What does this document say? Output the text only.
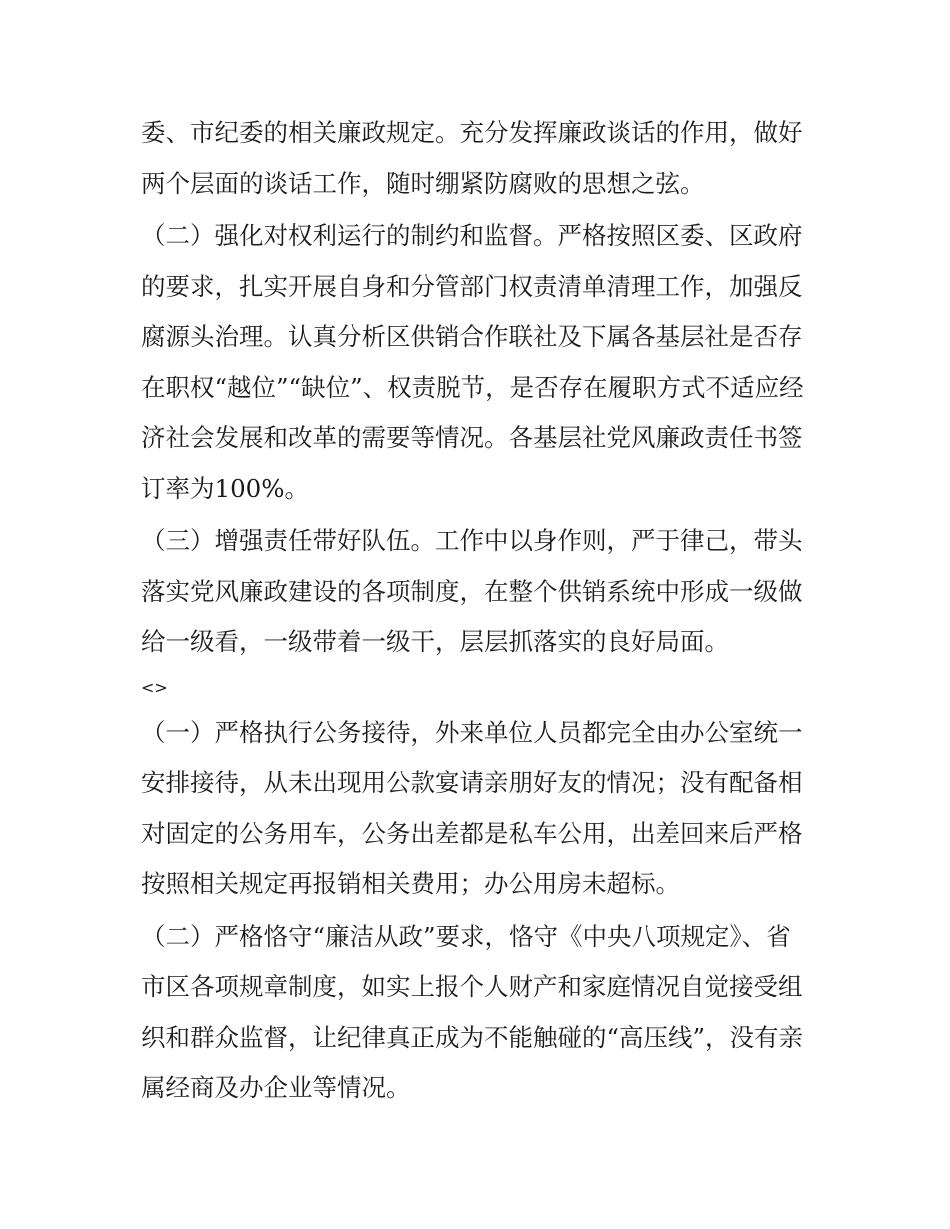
委、市纪委的相关廉政规定。充分发挥廉政谈话的作用，做好
两个层面的谈话工作，随时绷紧防腐败的思想之弦。
（二）强化对权利运行的制约和监督。严格按照区委、区政府
的要求，扎实开展自身和分管部门权责清单清理工作，加强反
腐源头治理。认真分析区供销合作联社及下属各基层社是否存
在职权“越位”“缺位”、权责脱节，是否存在履职方式不适应经
济社会发展和改革的需要等情况。各基层社党风廉政责任书签
订率为100%。
（三）增强责任带好队伍。工作中以身作则，严于律己，带头
落实党风廉政建设的各项制度，在整个供销系统中形成一级做
给一级看，一级带着一级干，层层抓落实的良好局面。
<>
（一）严格执行公务接待，外来单位人员都完全由办公室统一
安排接待，从未出现用公款宴请亲朋好友的情况；没有配备相
对固定的公务用车，公务出差都是私车公用，出差回来后严格
按照相关规定再报销相关费用；办公用房未超标。
（二）严格恪守“廉洁从政”要求，恪守《中央八项规定》、省
市区各项规章制度，如实上报个人财产和家庭情况自觉接受组
织和群众监督，让纪律真正成为不能触碰的“高压线”，没有亲
属经商及办企业等情况。
